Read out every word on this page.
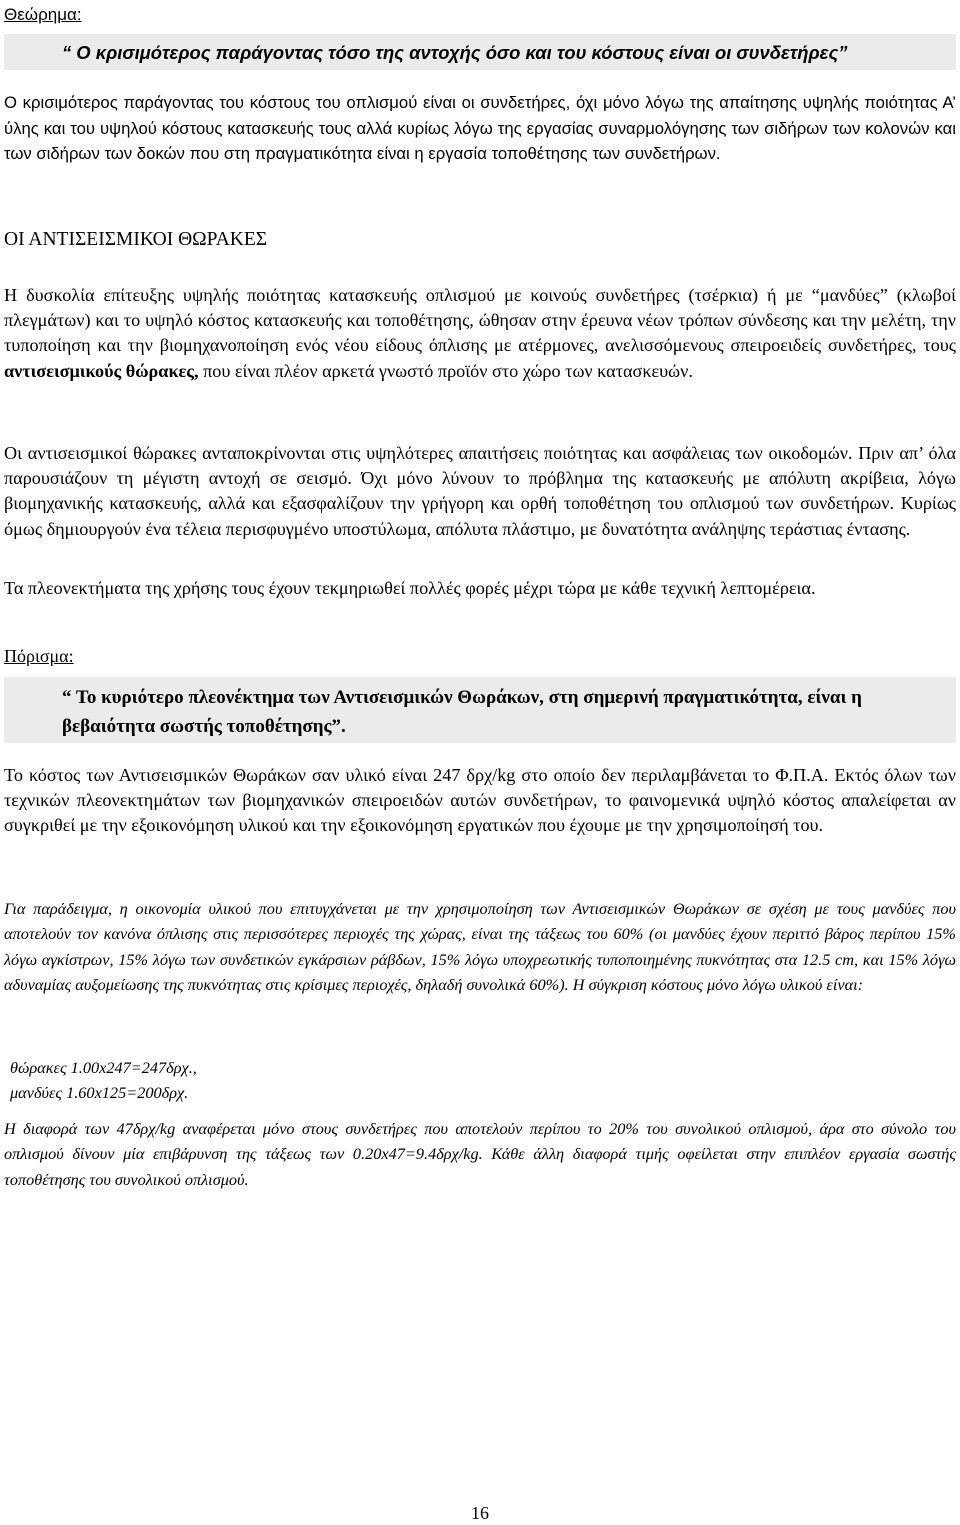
Θεώρημα:
“ Ο κρισιμότερος παράγοντας τόσο της αντοχής όσο και του κόστους είναι οι συνδετήρες”
Ο κρισιμότερος παράγοντας του κόστους του οπλισμού είναι οι συνδετήρες, όχι μόνο λόγω της απαίτησης υψηλής ποιότητας Α’ ύλης και του υψηλού κόστους κατασκευής τους αλλά κυρίως λόγω της εργασίας συναρμολόγησης των σιδήρων των κολονών και των σιδήρων των δοκών που στη πραγματικότητα είναι η εργασία τοποθέτησης των συνδετήρων.
ΟΙ ΑΝΤΙΣΕΙΣΜΙΚΟΙ ΘΩΡΑΚΕΣ
Η δυσκολία επίτευξης υψηλής ποιότητας κατασκευής οπλισμού με κοινούς συνδετήρες (τσέρκια) ή με “μανδύες” (κλωβοί πλεγμάτων) και το υψηλό κόστος κατασκευής και τοποθέτησης, ώθησαν στην έρευνα νέων τρόπων σύνδεσης και την μελέτη, την τυποποίηση και την βιομηχανοποίηση ενός νέου είδους όπλισης με ατέρμονες, ανελισσόμενους σπειροειδείς συνδετήρες, τους αντισεισμικούς θώρακες, που είναι πλέον αρκετά γνωστό προϊόν στο χώρο των κατασκευών.
Οι αντισεισμικοί θώρακες ανταποκρίνονται στις υψηλότερες απαιτήσεις ποιότητας και ασφάλειας των οικοδομών. Πριν απ’ όλα παρουσιάζουν τη μέγιστη αντοχή σε σεισμό. Όχι μόνο λύνουν το πρόβλημα της κατασκευής με απόλυτη ακρίβεια, λόγω βιομηχανικής κατασκευής, αλλά και εξασφαλίζουν την γρήγορη και ορθή τοποθέτηση του οπλισμού των συνδετήρων. Κυρίως όμως δημιουργούν ένα τέλεια περισφυγμένο υποστύλωμα, απόλυτα πλάστιμο, με δυνατότητα ανάληψης τεράστιας έντασης.
Τα πλεονεκτήματα της χρήσης τους έχουν τεκμηριωθεί πολλές φορές μέχρι τώρα με κάθε τεχνική λεπτομέρεια.
Πόρισμα:
“ Το κυριότερο πλεονέκτημα των Αντισεισμικών Θωράκων, στη σημερινή πραγματικότητα, είναι η βεβαιότητα σωστής τοποθέτησης”.
Το κόστος των Αντισεισμικών Θωράκων σαν υλικό είναι 247 δρχ/kg στο οποίο δεν περιλαμβάνεται το Φ.Π.Α. Εκτός όλων των τεχνικών πλεονεκτημάτων των βιομηχανικών σπειροειδών αυτών συνδετήρων, το φαινομενικά υψηλό κόστος απαλείφεται αν συγκριθεί με την εξοικονόμηση υλικού και την εξοικονόμηση εργατικών που έχουμε με την χρησιμοποίησή του.
Για παράδειγμα, η οικονομία υλικού που επιτυγχάνεται με την χρησιμοποίηση των Αντισεισμικών Θωράκων σε σχέση με τους μανδύες που αποτελούν τον κανόνα όπλισης στις περισσότερες περιοχές της χώρας, είναι της τάξεως του 60% (οι μανδύες έχουν περιττό βάρος περίπου 15% λόγω αγκίστρων, 15% λόγω των συνδετικών εγκάρσιων ράβδων, 15% λόγω υποχρεωτικής τυποποιημένης πυκνότητας στα 12.5 cm, και 15% λόγω αδυναμίας αυξομείωσης της πυκνότητας στις κρίσιμες περιοχές, δηλαδή συνολικά 60%). Η σύγκριση κόστους μόνο λόγω υλικού είναι:
θώρακες 1.00x247=247δρχ.,
μανδύες 1.60x125=200δρχ.
Η διαφορά των 47δρχ/kg αναφέρεται μόνο στους συνδετήρες που αποτελούν περίπου το 20% του συνολικού οπλισμού, άρα στο σύνολο του οπλισμού δίνουν μία επιβάρυνση της τάξεως των 0.20x47=9.4δρχ/kg. Κάθε άλλη διαφορά τιμής οφείλεται στην επιπλέον εργασία σωστής τοποθέτησης του συνολικού οπλισμού.
16
